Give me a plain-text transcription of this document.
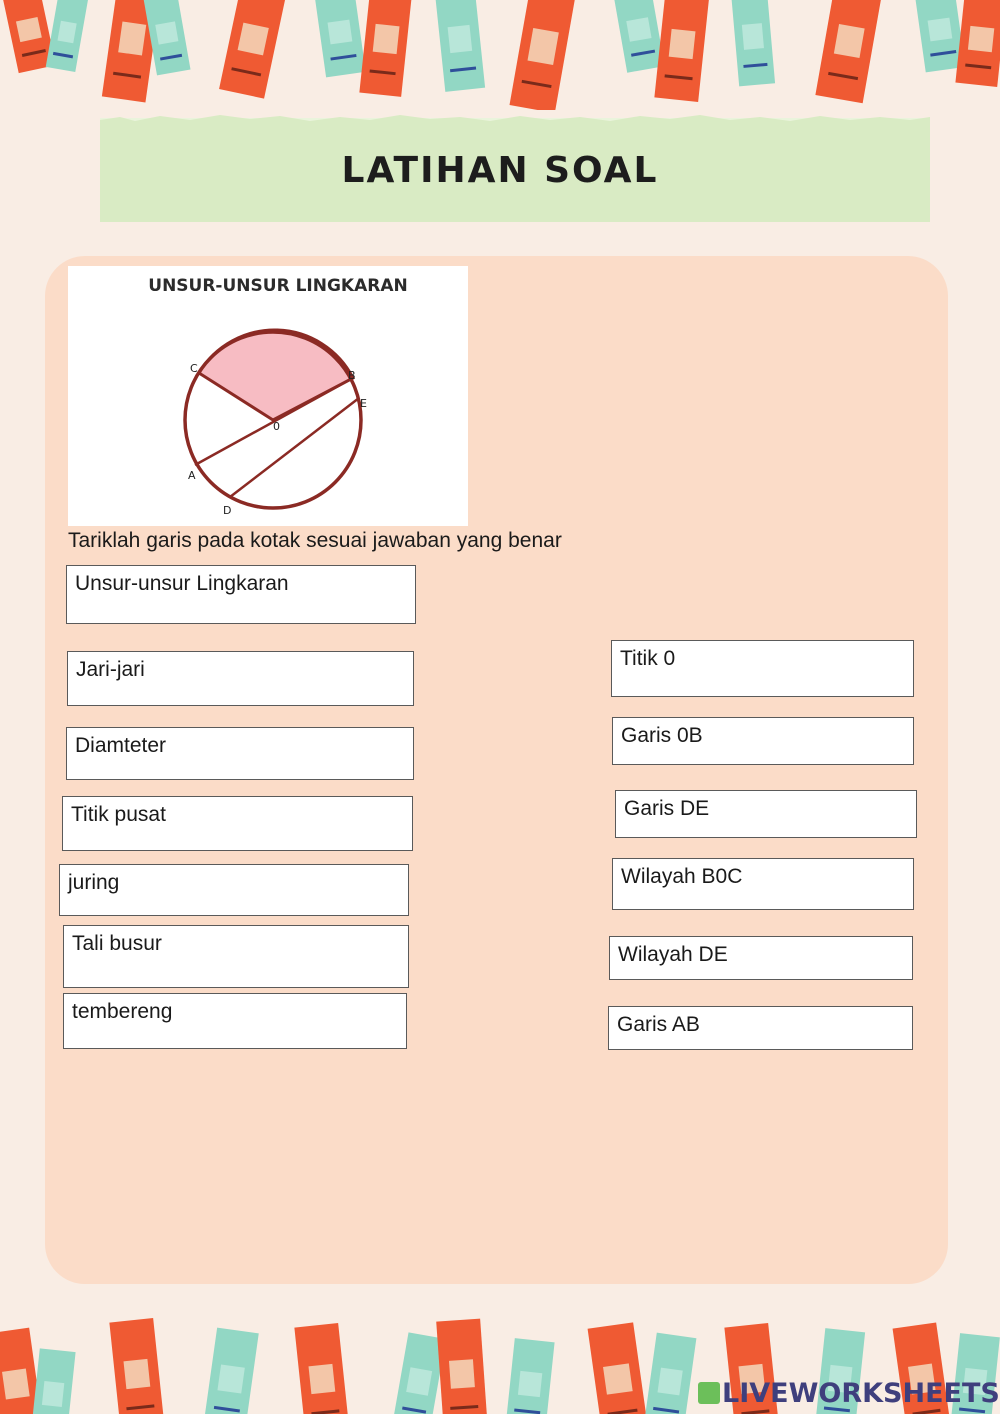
LATIHAN SOAL
UNSUR-UNSUR LINGKARAN
C
B
E
0
A
D
Tariklah garis pada kotak sesuai jawaban yang benar
Unsur-unsur Lingkaran
Jari-jari
Diamteter
Titik pusat
juring
Tali busur
tembereng
Titik 0
Garis 0B
Garis DE
Wilayah B0C
Wilayah DE
Garis AB
LIVEWORKSHEETS
